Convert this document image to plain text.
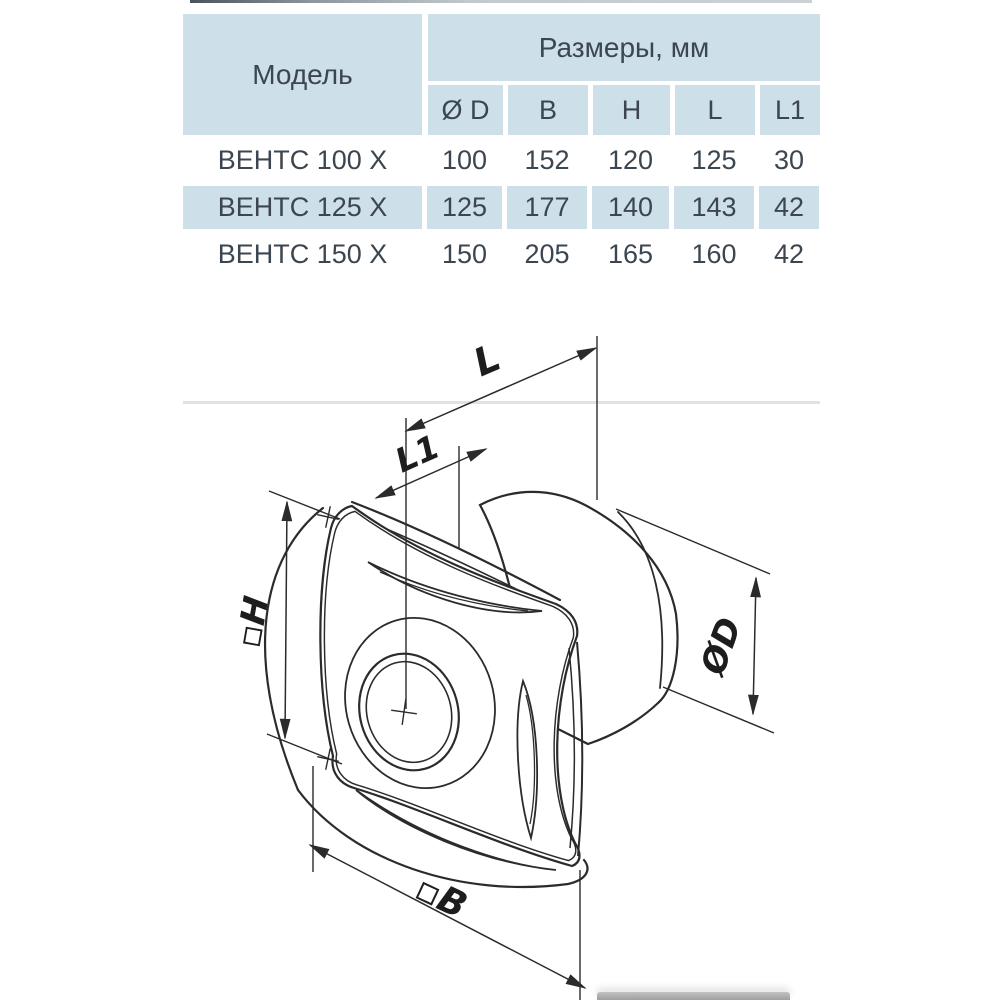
Модель
Размеры, мм
Ø D	B	H	L	L1
ВЕНТС 100 Х	100	152	120	125	30
ВЕНТС 125 Х	125	177	140	143	42
ВЕНТС 150 Х	150	205	165	160	42
L
L1
▫H	ØD
▫B
